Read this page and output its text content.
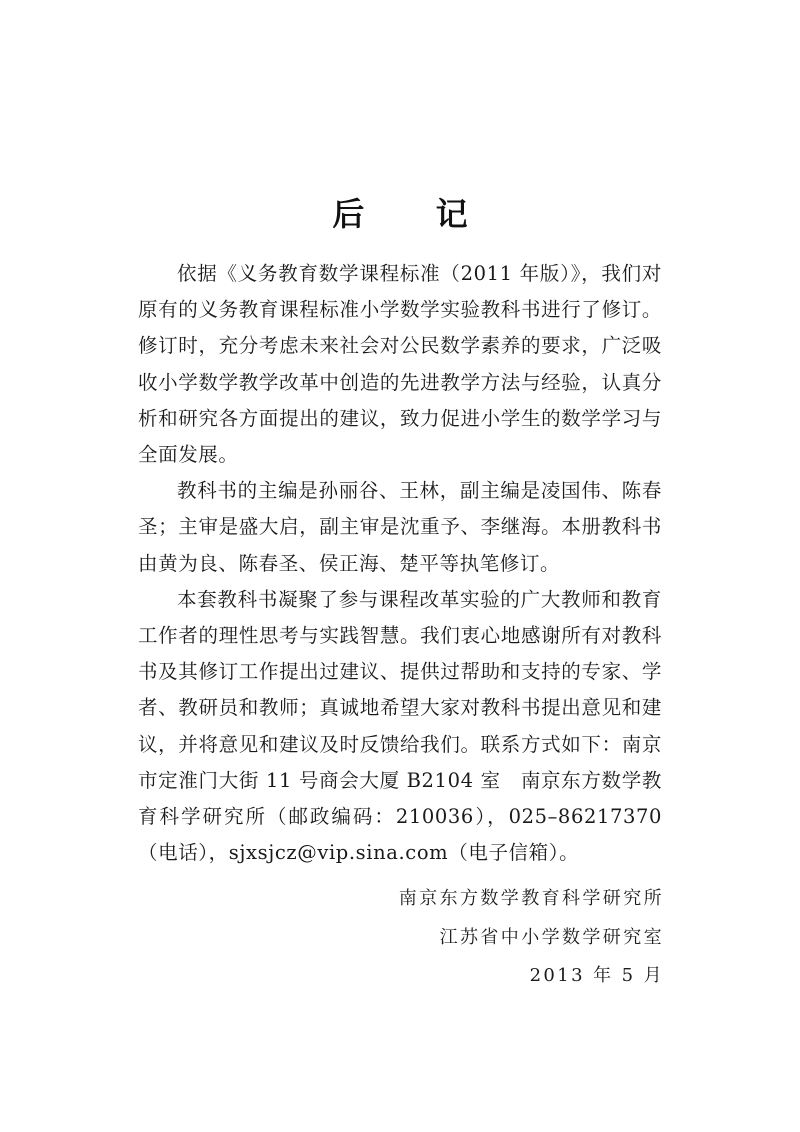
后 记

依据《义务教育数学课程标准（2011 年版）》，我们对原有的义务教育课程标准小学数学实验教科书进行了修订。修订时，充分考虑未来社会对公民数学素养的要求，广泛吸收小学数学教学改革中创造的先进教学方法与经验，认真分析和研究各方面提出的建议，致力促进小学生的数学学习与全面发展。

教科书的主编是孙丽谷、王林，副主编是凌国伟、陈春圣；主审是盛大启，副主审是沈重予、李继海。本册教科书由黄为良、陈春圣、侯正海、楚平等执笔修订。

本套教科书凝聚了参与课程改革实验的广大教师和教育工作者的理性思考与实践智慧。我们衷心地感谢所有对教科书及其修订工作提出过建议、提供过帮助和支持的专家、学者、教研员和教师；真诚地希望大家对教科书提出意见和建议，并将意见和建议及时反馈给我们。联系方式如下：南京市定淮门大街 11 号商会大厦 B2104 室　南京东方数学教育科学研究所（邮政编码：210036），025–86217370（电话），sjxsjcz@vip.sina.com（电子信箱）。

南京东方数学教育科学研究所
江苏省中小学数学研究室
2013 年 5 月
